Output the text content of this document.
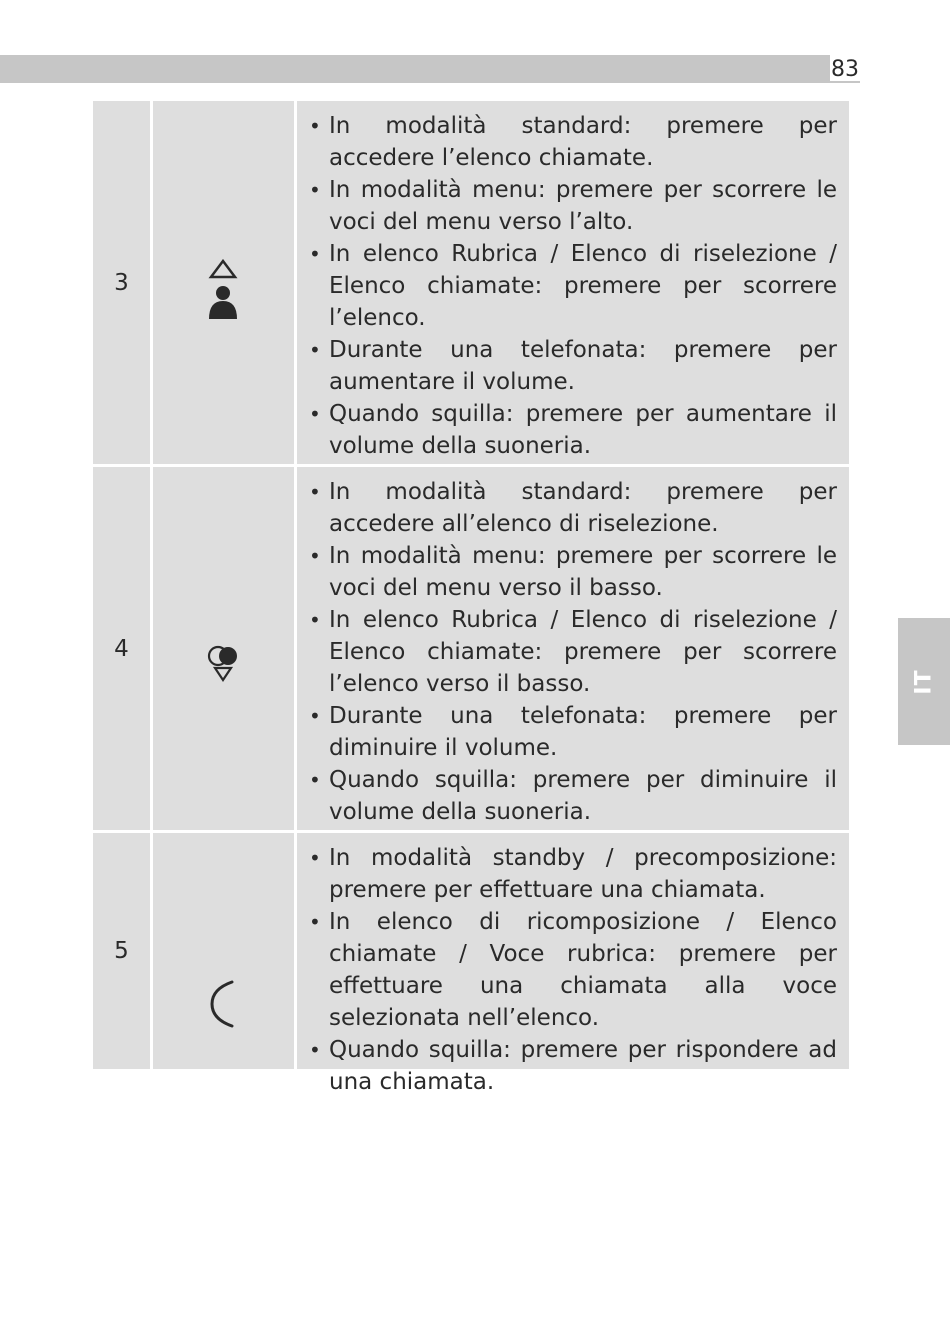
83
IT
3
• In modalità standard: premere per accedere l’elenco chiamate.
• In modalità menu: premere per scorrere le voci del menu verso l’alto.
• In elenco Rubrica / Elenco di riselezione / Elenco chiamate: premere per scorrere l’elenco.
• Durante una telefonata: premere per aumentare il volume.
• Quando squilla: premere per aumentare il volume della suoneria.
4
• In modalità standard: premere per accedere all’elenco di riselezione.
• In modalità menu: premere per scorrere le voci del menu verso il basso.
• In elenco Rubrica / Elenco di riselezione / Elenco chiamate: premere per scorrere l’elenco verso il basso.
• Durante una telefonata: premere per diminuire il volume.
• Quando squilla: premere per diminuire il volume della suoneria.
5
• In modalità standby / precomposizione: premere per effettuare una chiamata.
• In elenco di ricomposizione / Elenco chiamate / Voce rubrica: premere per effettuare una chiamata alla voce selezionata nell’elenco.
• Quando squilla: premere per rispondere ad una chiamata.
